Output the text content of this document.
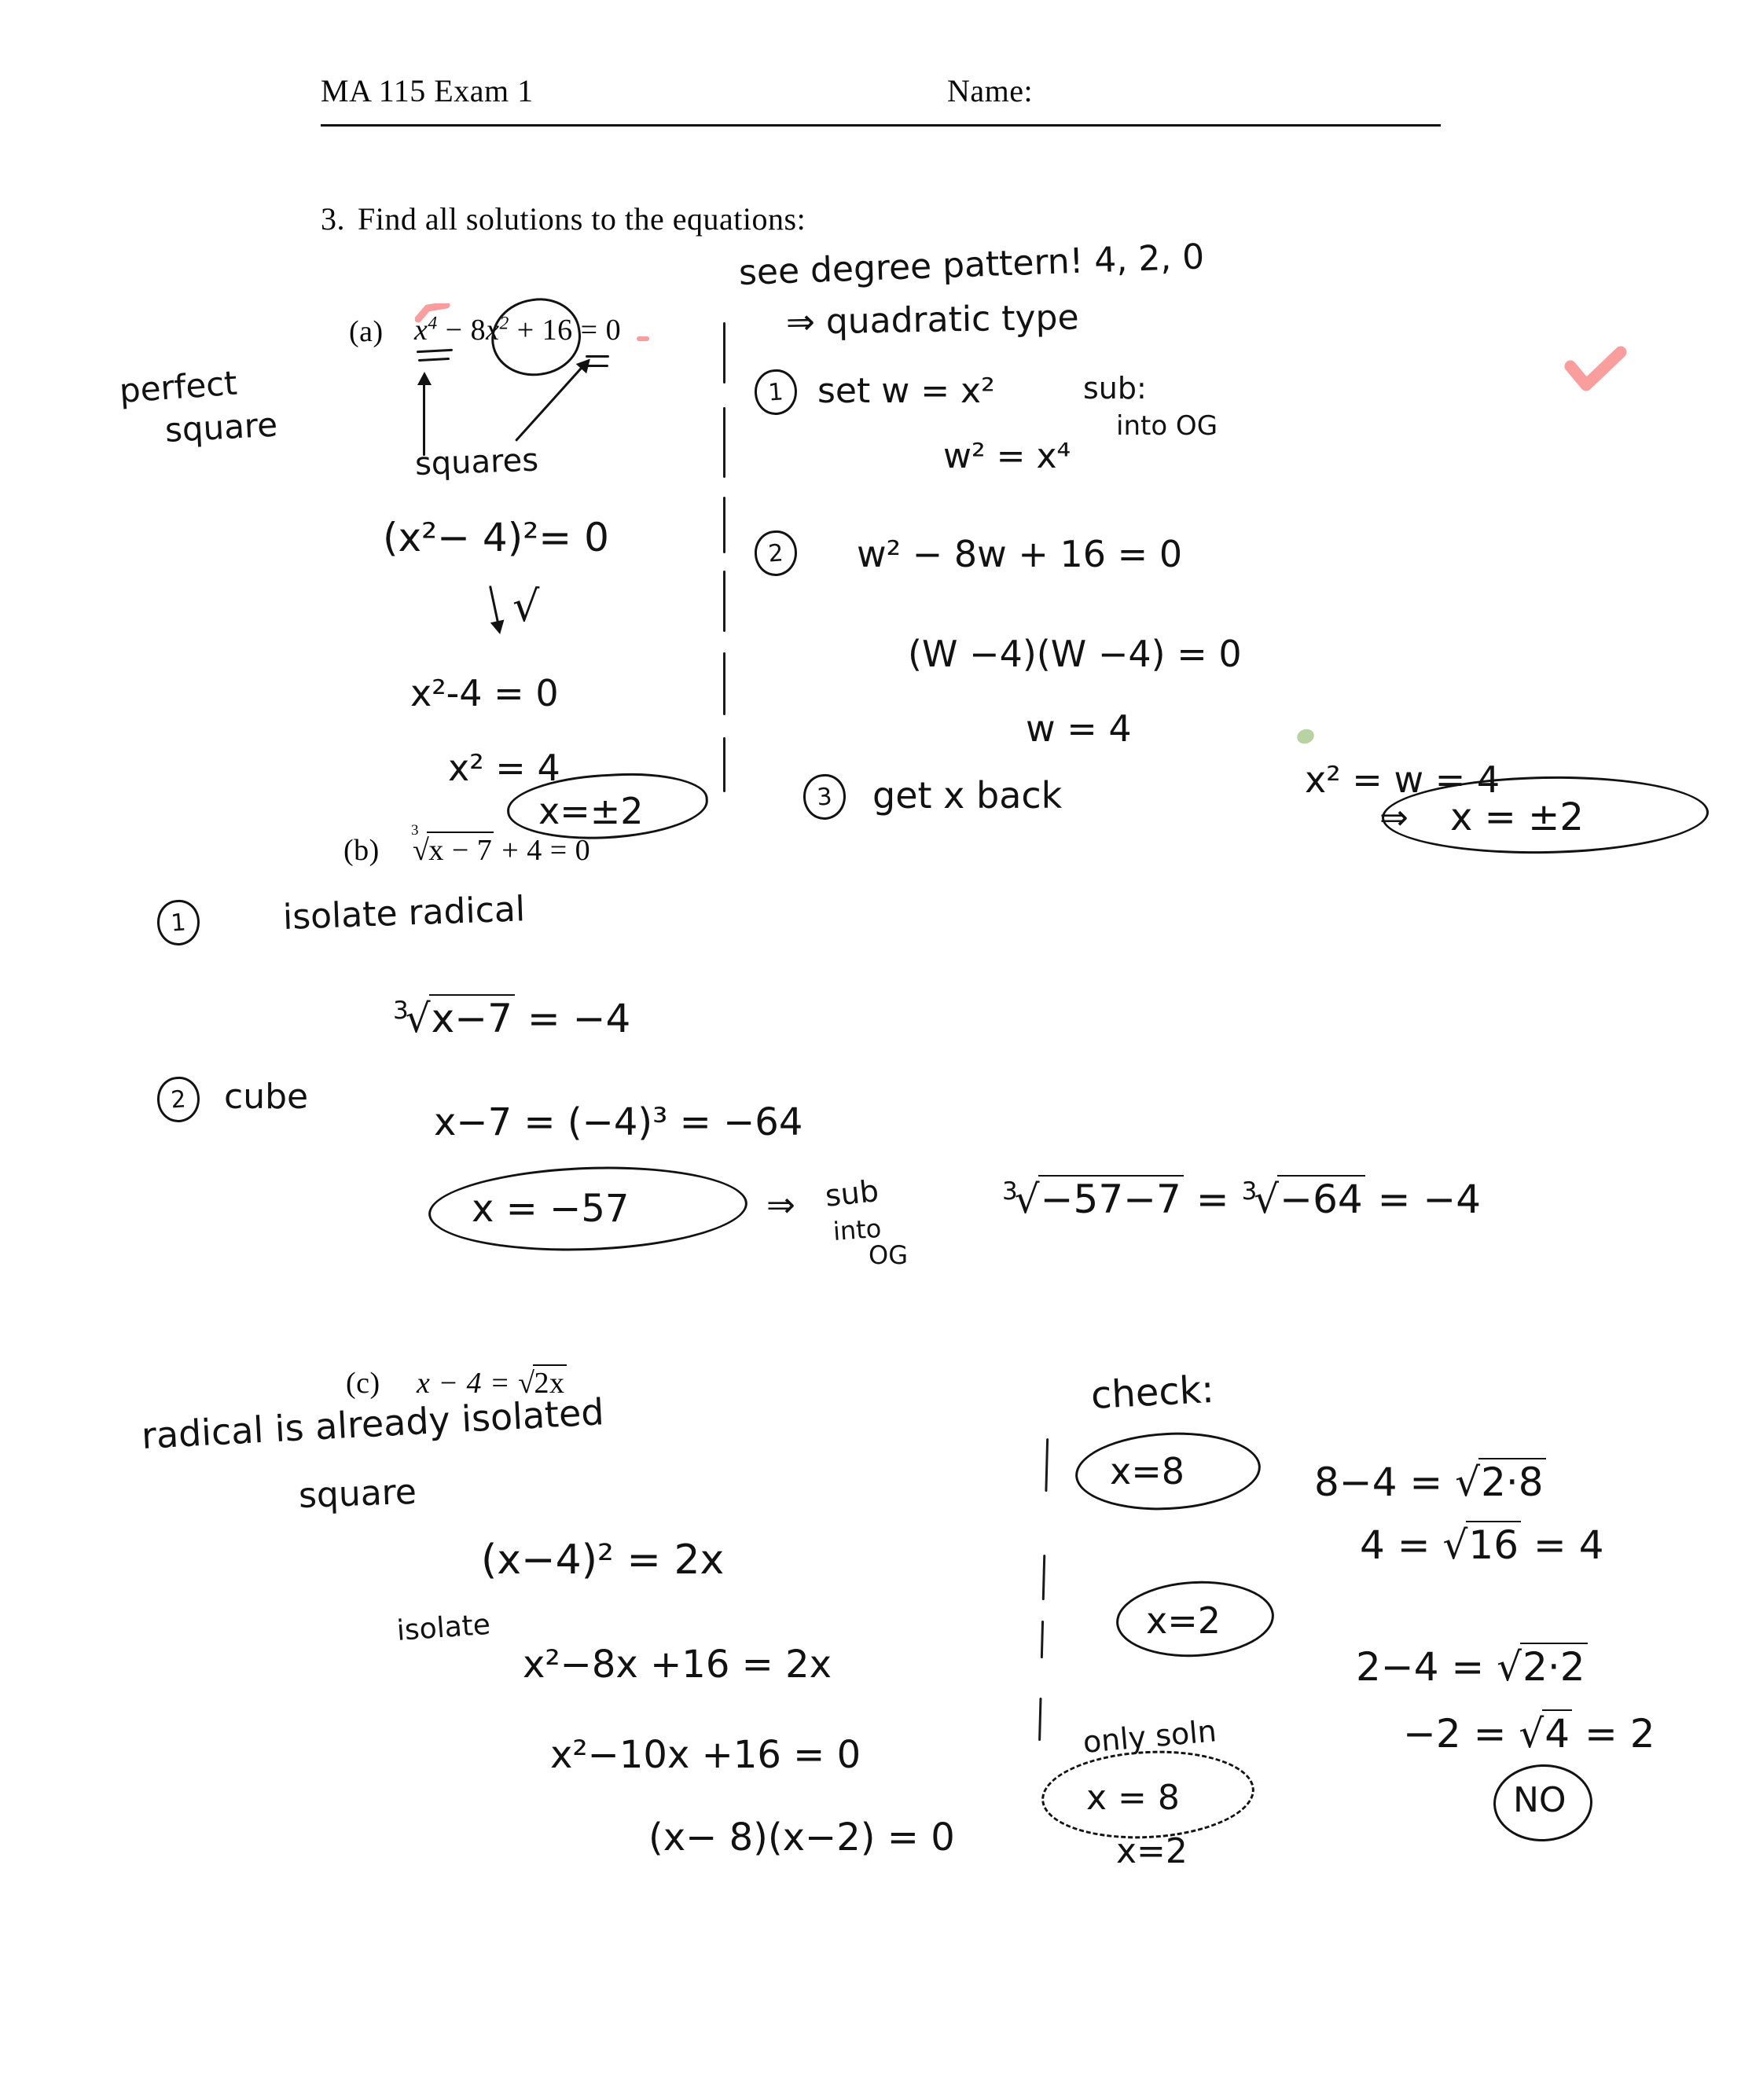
MA 115 Exam 1	Name:
3. Find all solutions to the equations:
(a) $x^4 - 8x^2 + 16 = 0$
perfect
square
squares
(x²− 4)²= 0
√
x²-4 = 0
x² = 4
x=±2
see degree pattern! 4, 2, 0
⇒ quadratic type
1 set w = x²	sub:
into OG
w² = x⁴
2	w² − 8w + 16 = 0
(W −4)(W −4) = 0
w = 4
3	get x back	x² = w = 4
⇒ x = ±2
(b)
3
√x − 7 + 4 = 0
1	isolate radical
$^3$√x−7 = −4
2	cube
x−7 = (−4)³ = −64
x = −57	⇒ sub
into
OG
$^3$√−57−7 = $^3$√−64 = −4
(c) x − 4 = √2x
radical is already isolated
square
(x−4)² = 2x
isolate
x²−8x +16 = 2x
x²−10x +16 = 0
(x− 8)(x−2) = 0
check:
x=8	8−4 = √2·8
4 = √16 = 4
x=2
2−4 = √2·2
−2 = √4 = 2
NO
only soln
x = 8
x=2
